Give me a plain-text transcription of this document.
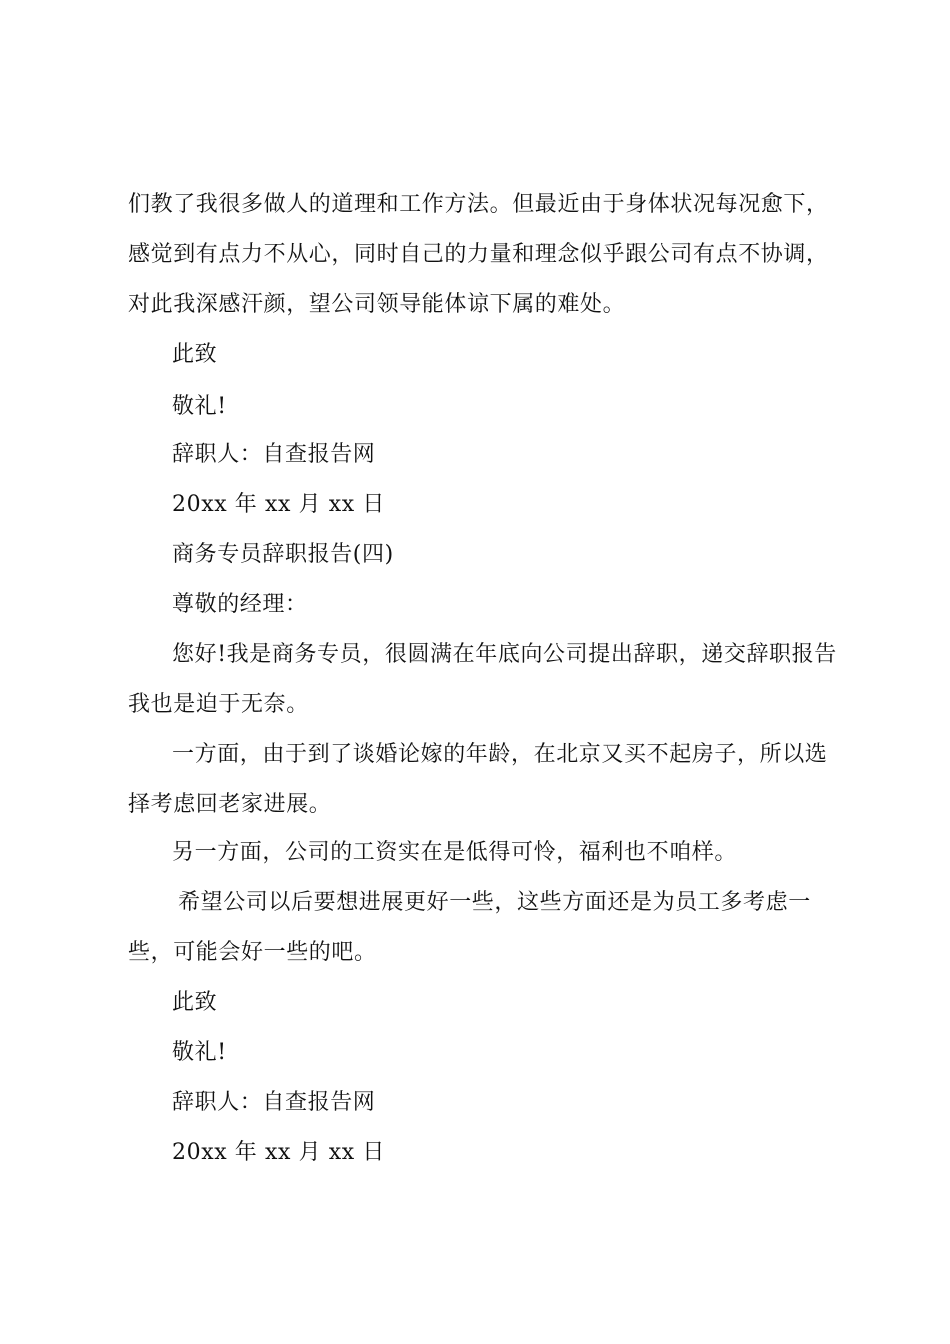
们教了我很多做人的道理和工作方法。但最近由于身体状况每况愈下，
感觉到有点力不从心，同时自己的力量和理念似乎跟公司有点不协调，
对此我深感汗颜，望公司领导能体谅下属的难处。
此致
敬礼!
辞职人：自查报告网
20xx 年 xx 月 xx 日
商务专员辞职报告(四)
尊敬的经理：
您好!我是商务专员，很圆满在年底向公司提出辞职，递交辞职报告
我也是迫于无奈。
一方面，由于到了谈婚论嫁的年龄，在北京又买不起房子，所以选
择考虑回老家进展。
另一方面，公司的工资实在是低得可怜，福利也不咱样。
希望公司以后要想进展更好一些，这些方面还是为员工多考虑一
些，可能会好一些的吧。
此致
敬礼!
辞职人：自查报告网
20xx 年 xx 月 xx 日
